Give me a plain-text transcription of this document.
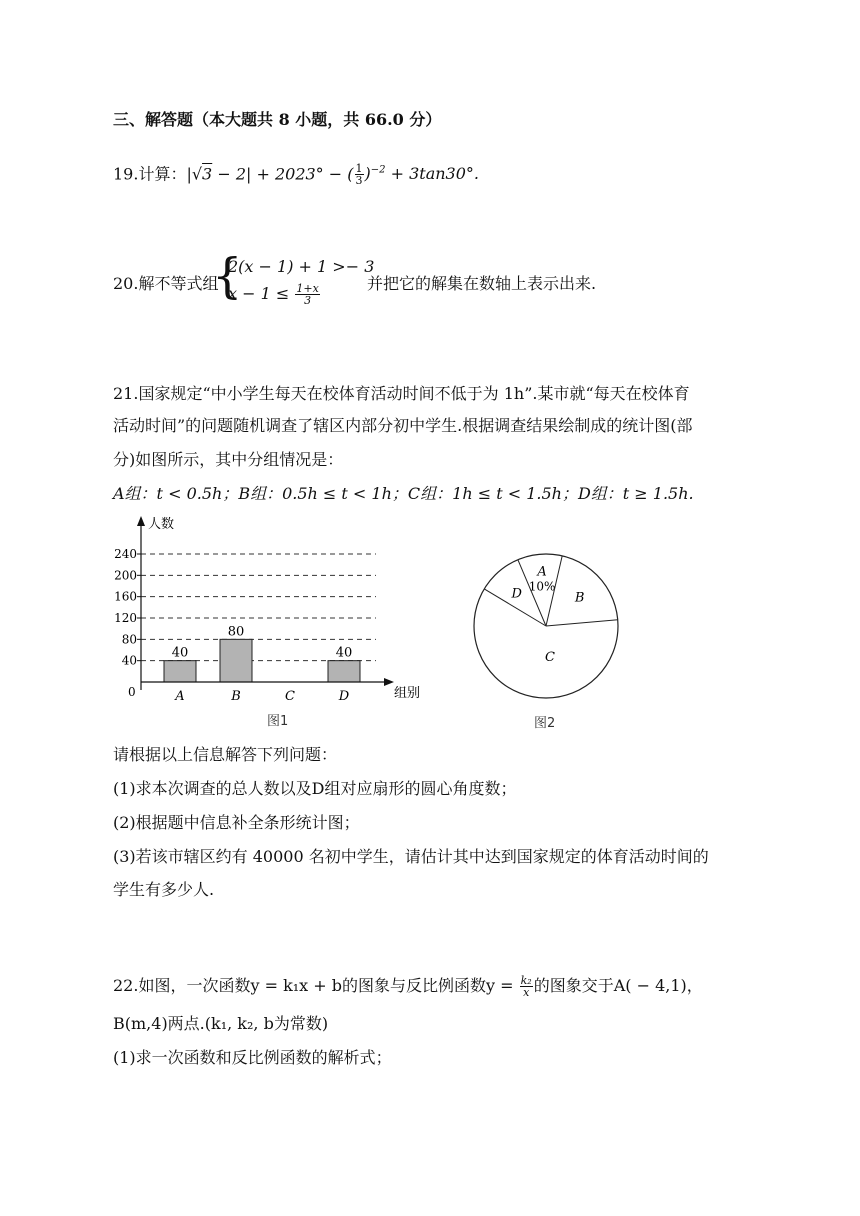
三、解答题（本大题共 8 小题，共 66.0 分）
19.计算：|√3 − 2| + 2023° − ( $\frac{1}{3} )^{-2} + 3\tan 30^\circ$.
20.解不等式组
{
2(x − 1) + 1 >− 3
$x - 1 \le \frac{1+x}{3}$	并把它的解集在数轴上表示出来.
21.国家规定“中小学生每天在校体育活动时间不低于为 1h”.某市就“每天在校体育
活动时间”的问题随机调查了辖区内部分初中学生.根据调查结果绘制成的统计图(部
分)如图所示，其中分组情况是：
A组：t < 0.5h；B组：0.5h ≤ t < 1h；C组：1h ≤ t < 1.5h；D组：t ≥ 1.5h.
0
40
80
120
160
200
240
40
A
80
B	C
40
D
人数
组别
图1
A
10%
B
C
D
图2
请根据以上信息解答下列问题：
(1)求本次调查的总人数以及D组对应扇形的圆心角度数；
(2)根据题中信息补全条形统计图；
(3)若该市辖区约有 40000 名初中学生，请估计其中达到国家规定的体育活动时间的
学生有多少人.
22.如图，一次函数y = k₁x + b的图象与反比例函数$y = \frac{\text{k₂}}{x}$ 的图象交于A( − 4,1)，
B(m,4)两点.(k₁, k₂, b为常数)
(1)求一次函数和反比例函数的解析式；
